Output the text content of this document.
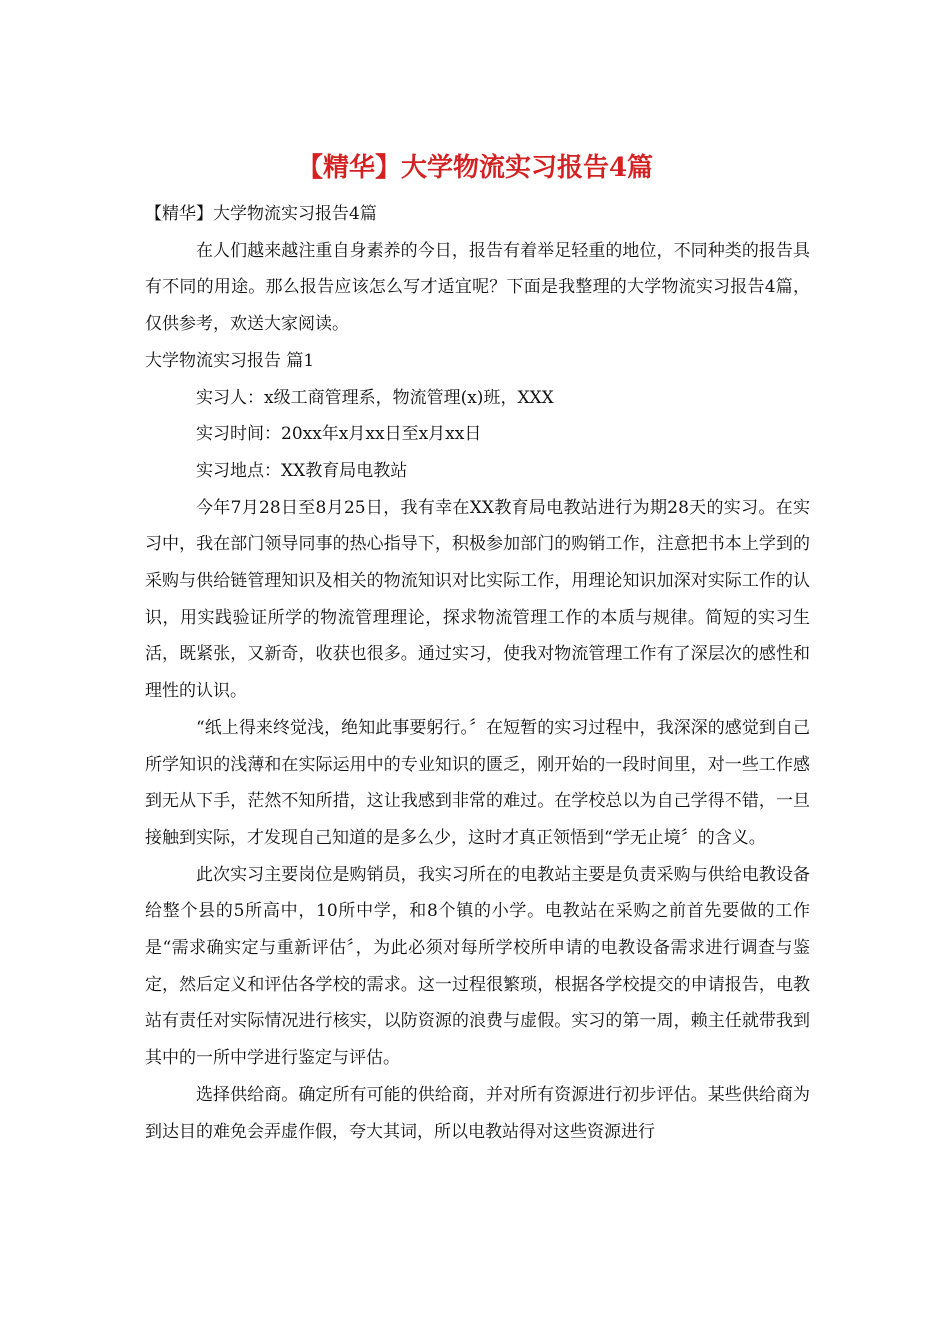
【精华】大学物流实习报告4篇

【精华】大学物流实习报告4篇

在人们越来越注重自身素养的今日，报告有着举足轻重的地位，不同种类的报告具有不同的用途。那么报告应该怎么写才适宜呢？下面是我整理的大学物流实习报告4篇，仅供参考，欢送大家阅读。

大学物流实习报告 篇1

实习人：x级工商管理系，物流管理(x)班，XXX

实习时间：20xx年x月xx日至x月xx日

实习地点：XX教育局电教站

今年7月28日至8月25日，我有幸在XX教育局电教站进行为期28天的实习。在实习中，我在部门领导同事的热心指导下，积极参加部门的购销工作，注意把书本上学到的采购与供给链管理知识及相关的物流知识对比实际工作，用理论知识加深对实际工作的认识，用实践验证所学的物流管理理论，探求物流管理工作的本质与规律。简短的实习生活，既紧张，又新奇，收获也很多。通过实习，使我对物流管理工作有了深层次的感性和理性的认识。

“纸上得来终觉浅，绝知此事要躬行。〞在短暂的实习过程中，我深深的感觉到自己所学知识的浅薄和在实际运用中的专业知识的匮乏，刚开始的一段时间里，对一些工作感到无从下手，茫然不知所措，这让我感到非常的难过。在学校总以为自己学得不错，一旦接触到实际，才发现自己知道的是多么少，这时才真正领悟到“学无止境〞的含义。

此次实习主要岗位是购销员，我实习所在的电教站主要是负责采购与供给电教设备给整个县的5所高中，10所中学，和8个镇的小学。电教站在采购之前首先要做的工作是“需求确实定与重新评估〞，为此必须对每所学校所申请的电教设备需求进行调查与鉴定，然后定义和评估各学校的需求。这一过程很繁琐，根据各学校提交的申请报告，电教站有责任对实际情况进行核实，以防资源的浪费与虚假。实习的第一周，赖主任就带我到其中的一所中学进行鉴定与评估。

选择供给商。确定所有可能的供给商，并对所有资源进行初步评估。某些供给商为到达目的难免会弄虚作假，夸大其词，所以电教站得对这些资源进行
